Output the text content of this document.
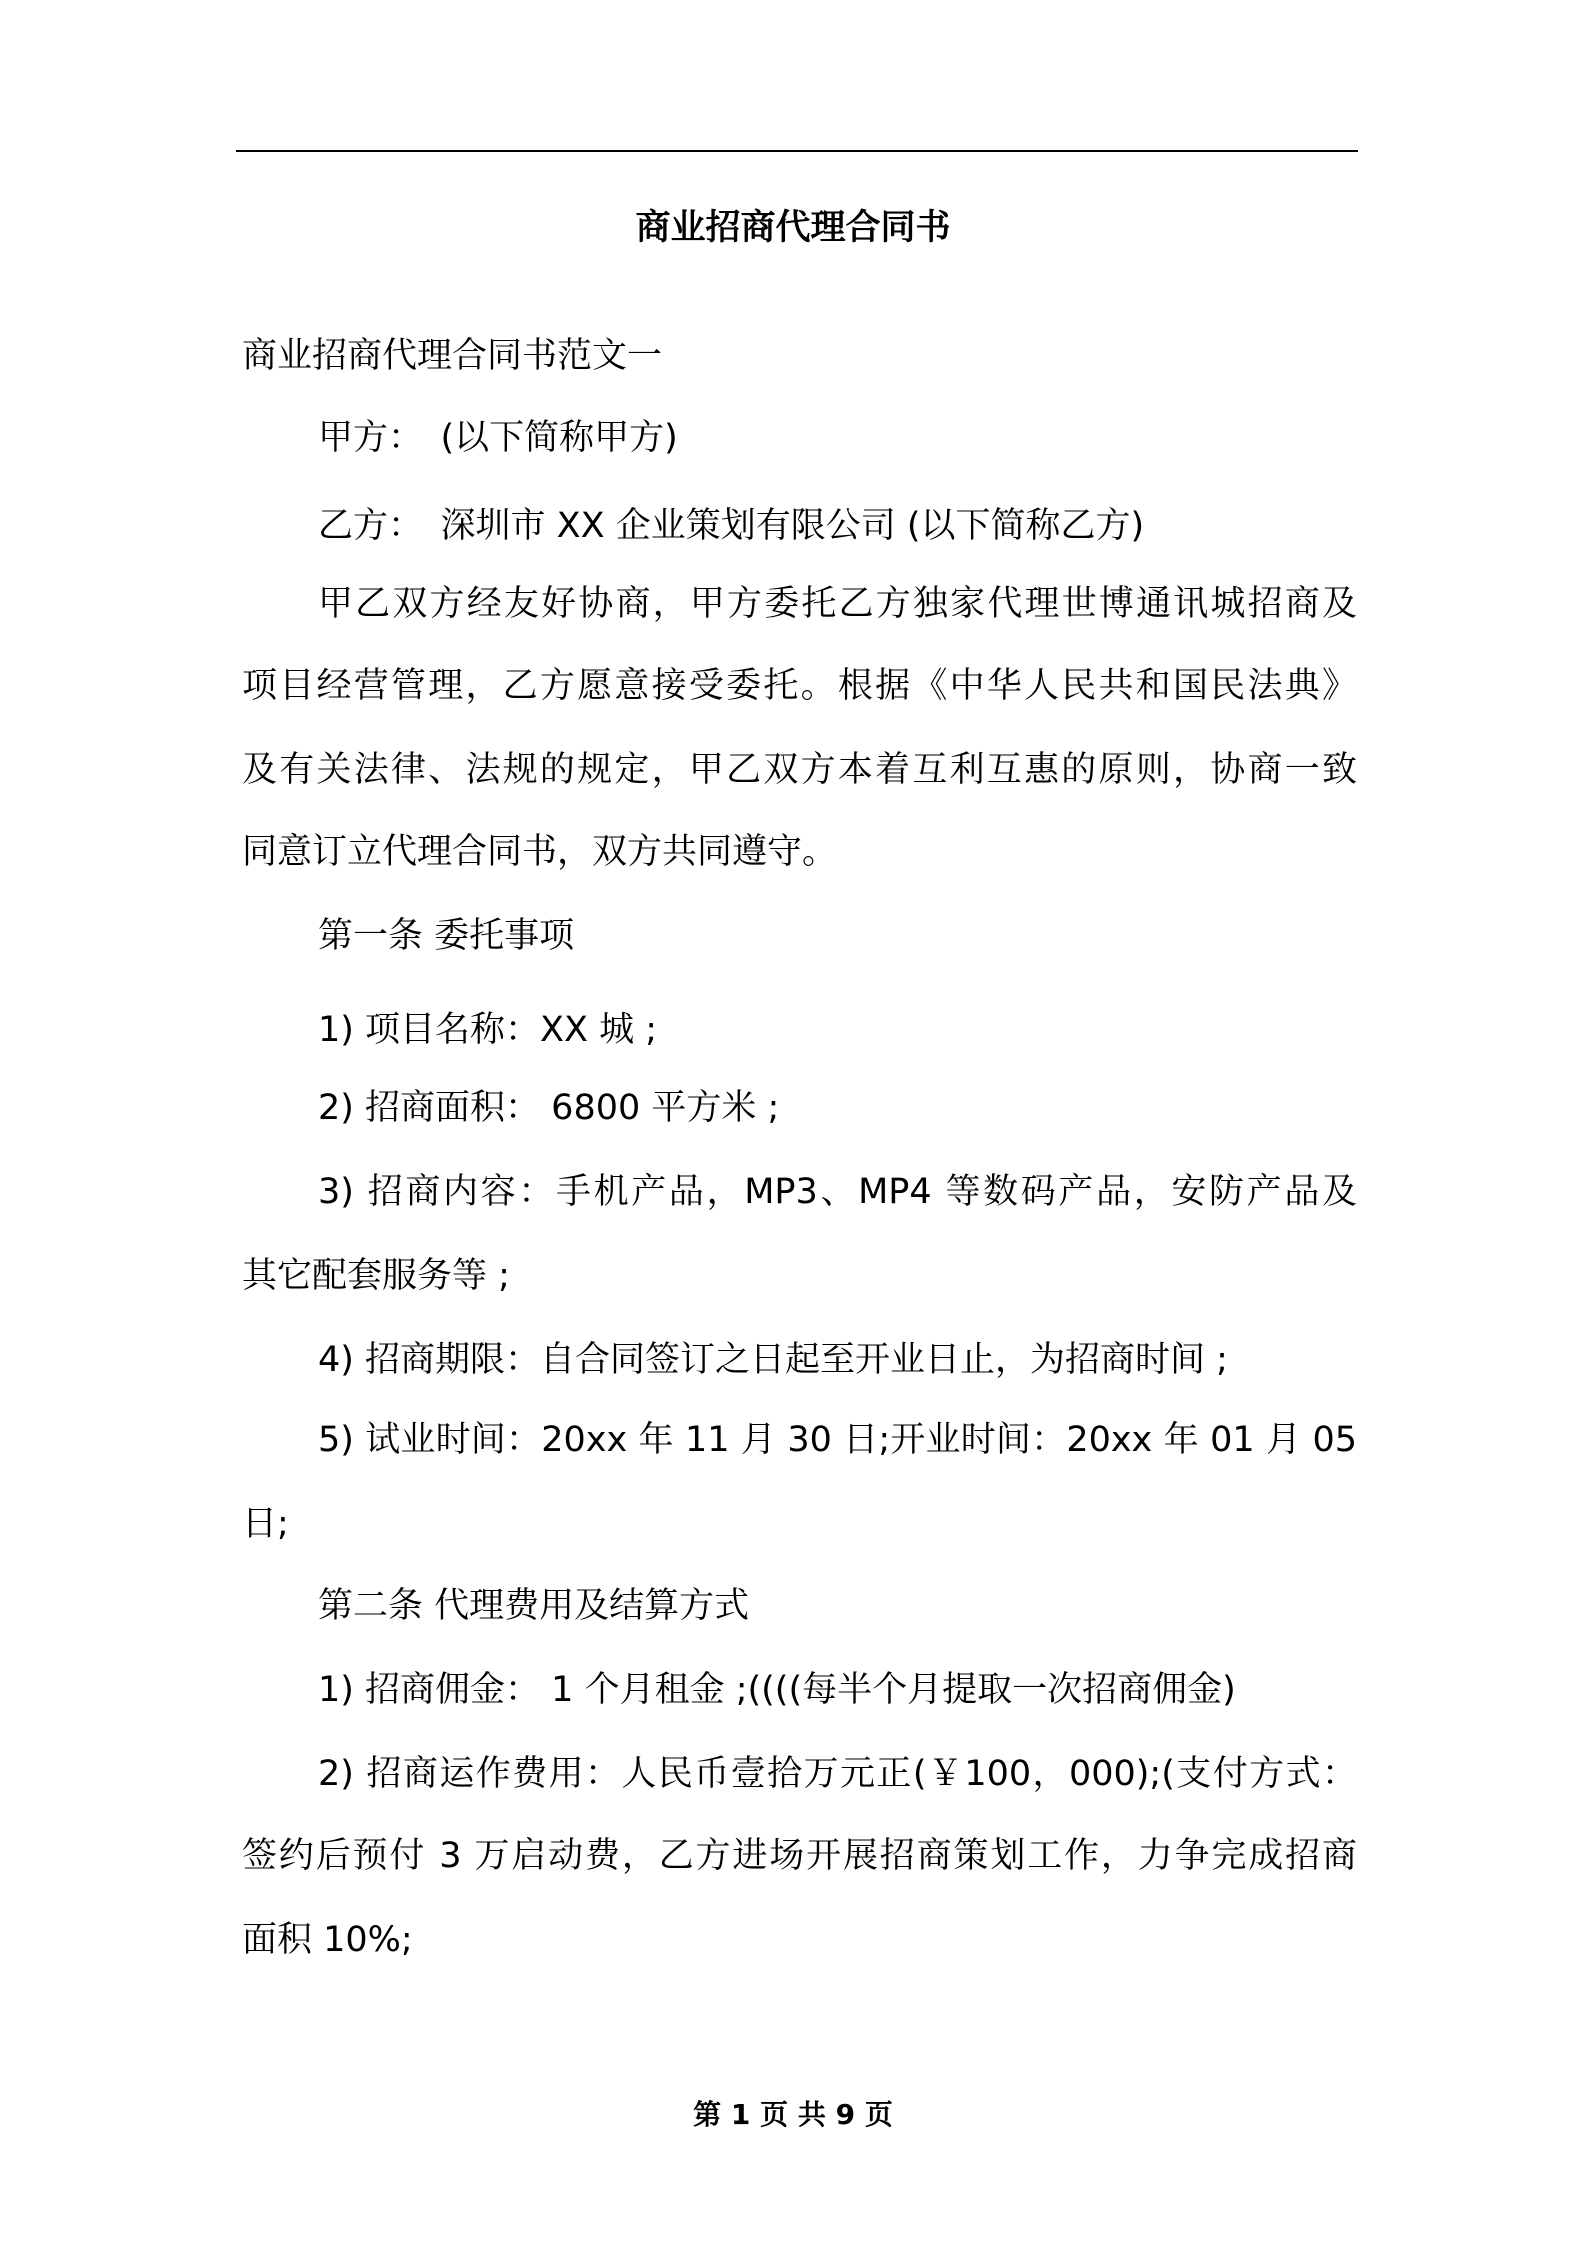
商业招商代理合同书
商业招商代理合同书范文一
甲方：　(以下简称甲方)
乙方：　深圳市 XX 企业策划有限公司 (以下简称乙方)
甲乙双方经友好协商，甲方委托乙方独家代理世博通讯城招商及
项目经营管理，乙方愿意接受委托。根据《中华人民共和国民法典》
及有关法律、法规的规定，甲乙双方本着互利互惠的原则，协商一致
同意订立代理合同书，双方共同遵守。
第一条 委托事项
1) 项目名称：XX 城 ;
2) 招商面积： 6800 平方米 ;
3) 招商内容：手机产品，MP3、MP4 等数码产品，安防产品及
其它配套服务等 ;
4) 招商期限：自合同签订之日起至开业日止，为招商时间 ;
5) 试业时间：20xx 年 11 月 30 日;开业时间：20xx 年 01 月 05
日;
第二条 代理费用及结算方式
1) 招商佣金： 1 个月租金 ;((((每半个月提取一次招商佣金)
2) 招商运作费用：人民币壹拾万元正(￥100，000);(支付方式：
签约后预付 3 万启动费，乙方进场开展招商策划工作，力争完成招商
面积 10%;
第 1 页 共 9 页
